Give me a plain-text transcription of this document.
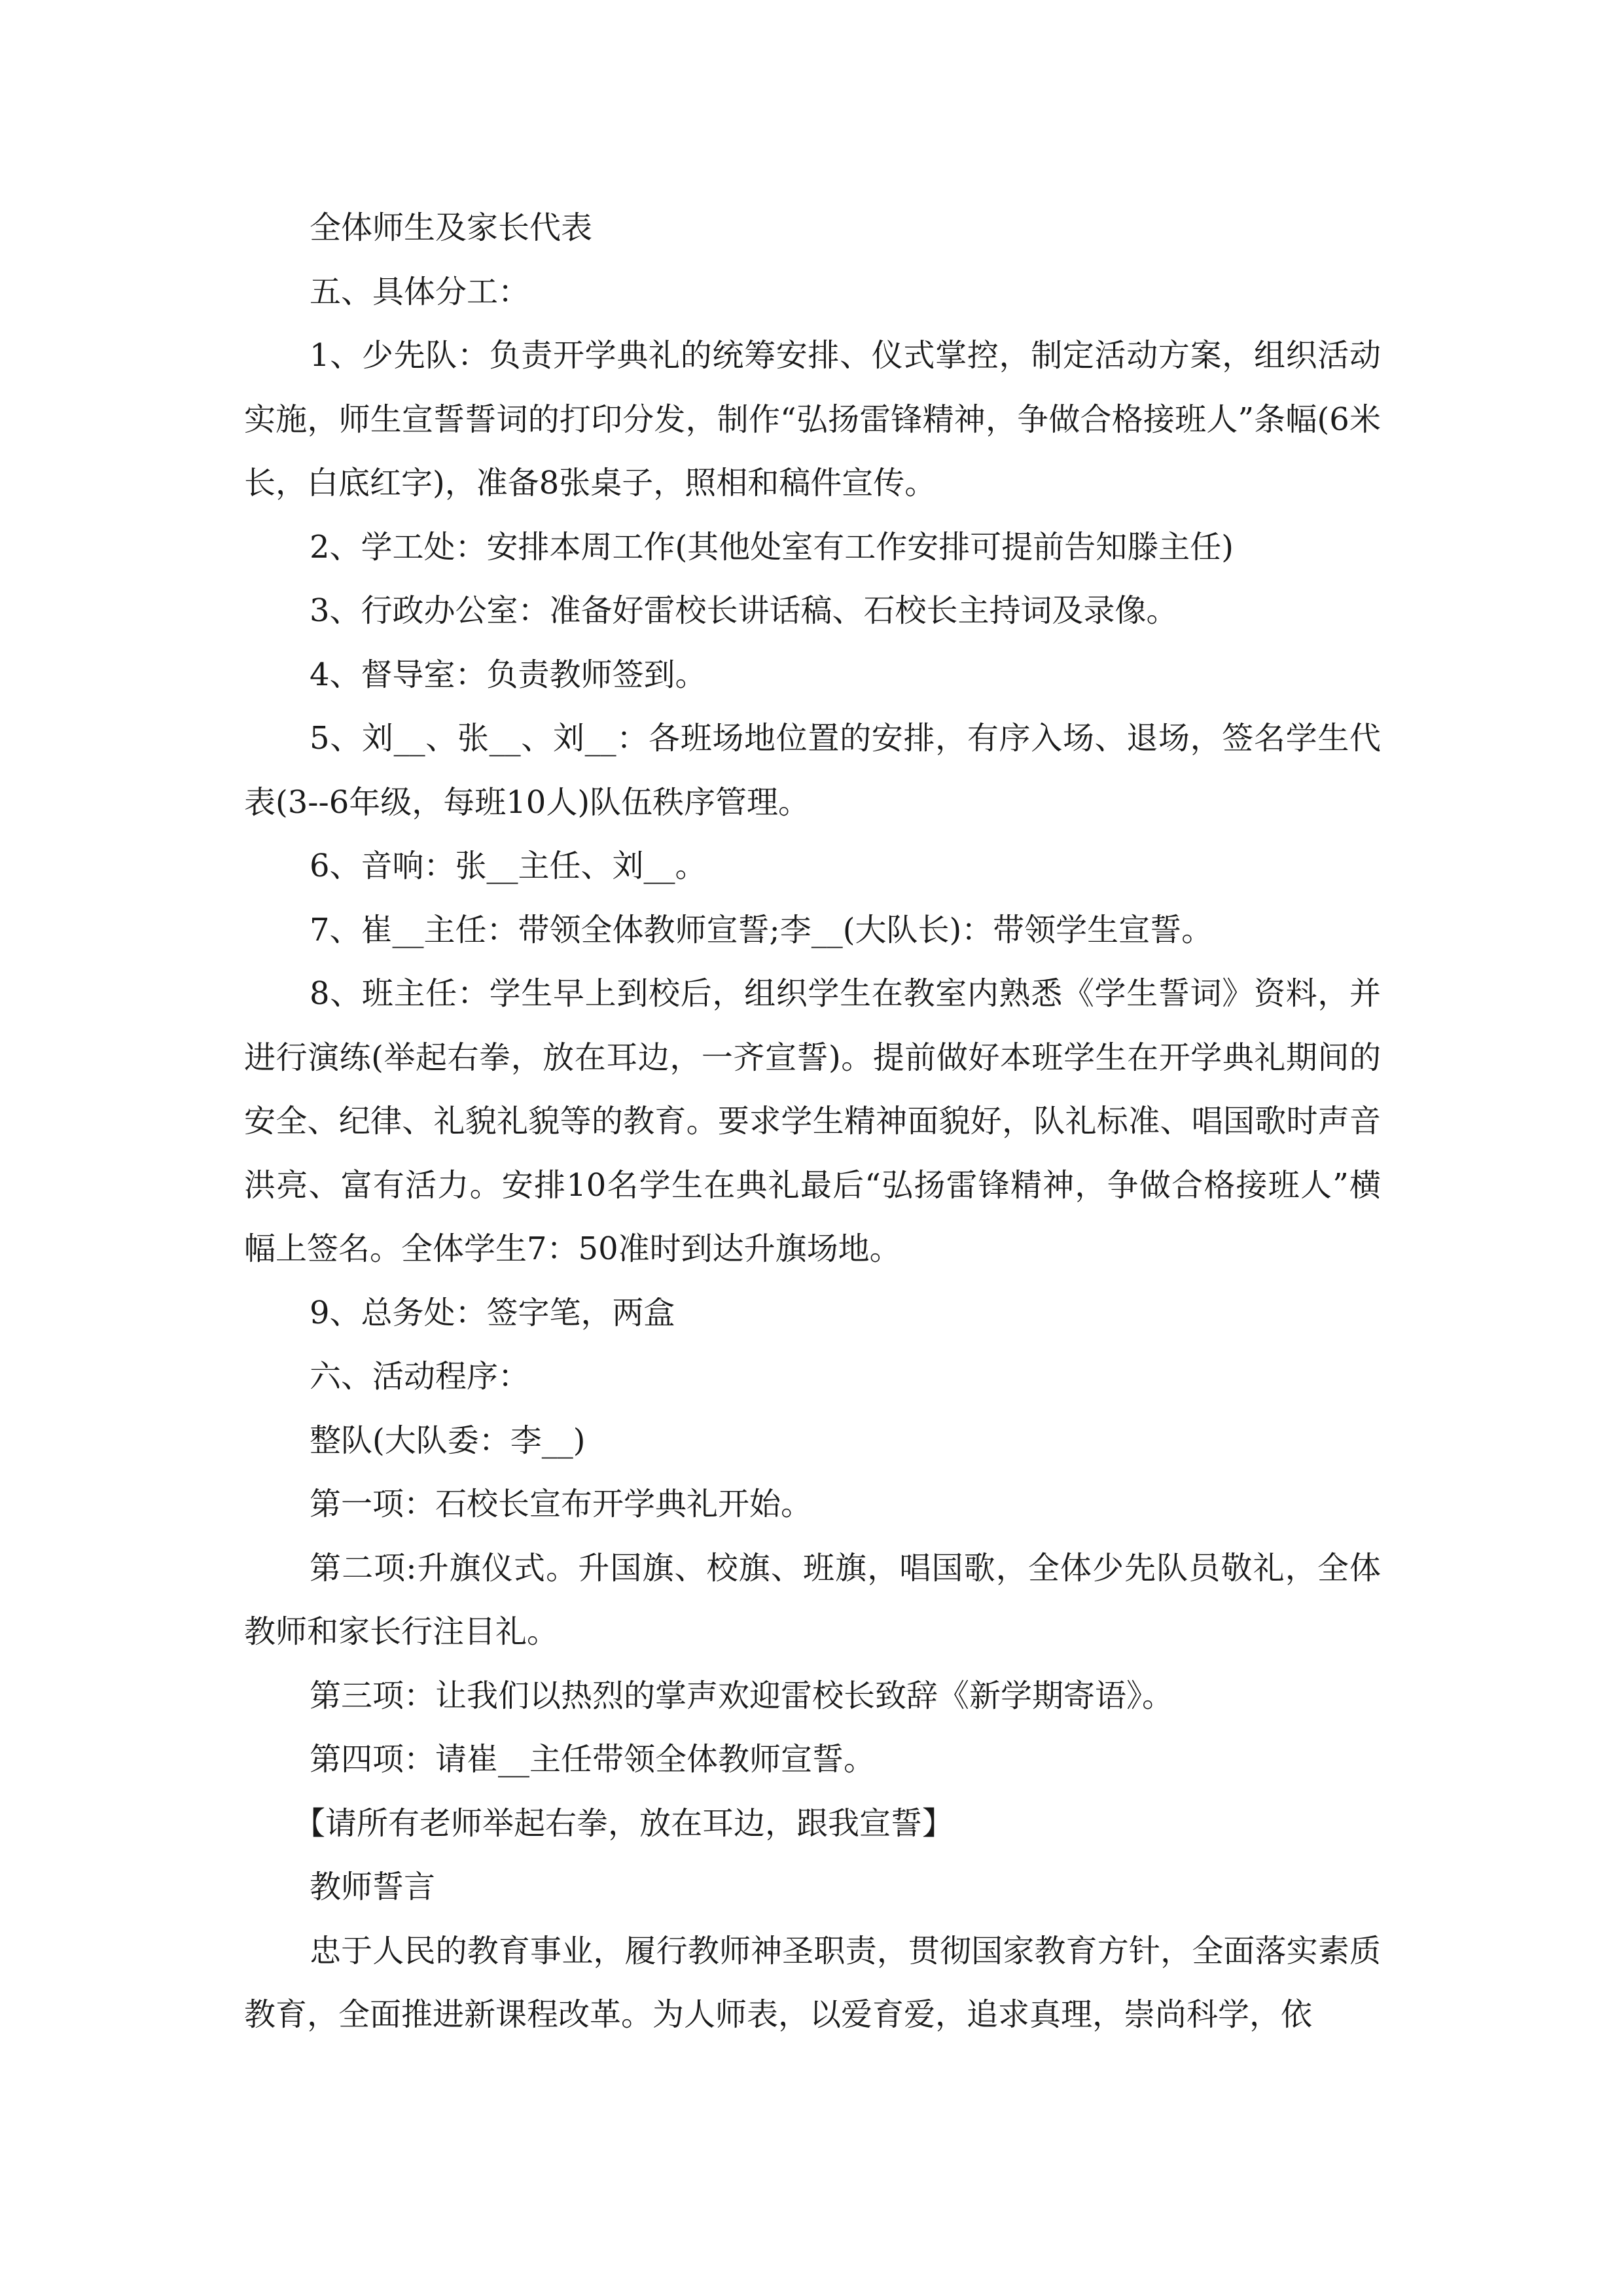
全体师生及家长代表

五、具体分工：

1、少先队：负责开学典礼的统筹安排、仪式掌控，制定活动方案，组织活动实施，师生宣誓誓词的打印分发，制作“弘扬雷锋精神，争做合格接班人”条幅(6米长，白底红字)，准备8张桌子，照相和稿件宣传。

2、学工处：安排本周工作(其他处室有工作安排可提前告知滕主任)

3、行政办公室：准备好雷校长讲话稿、石校长主持词及录像。

4、督导室：负责教师签到。

5、刘__、张__、刘__：各班场地位置的安排，有序入场、退场，签名学生代表(3--6年级，每班10人)队伍秩序管理。

6、音响：张__主任、刘__。

7、崔__主任：带领全体教师宣誓;李__(大队长)：带领学生宣誓。

8、班主任：学生早上到校后，组织学生在教室内熟悉《学生誓词》资料，并进行演练(举起右拳，放在耳边，一齐宣誓)。提前做好本班学生在开学典礼期间的安全、纪律、礼貌礼貌等的教育。要求学生精神面貌好，队礼标准、唱国歌时声音洪亮、富有活力。安排10名学生在典礼最后“弘扬雷锋精神，争做合格接班人”横幅上签名。全体学生7：50准时到达升旗场地。

9、总务处：签字笔，两盒

六、活动程序：

整队(大队委：李__)

第一项：石校长宣布开学典礼开始。

第二项:升旗仪式。升国旗、校旗、班旗，唱国歌，全体少先队员敬礼，全体教师和家长行注目礼。

第三项：让我们以热烈的掌声欢迎雷校长致辞《新学期寄语》。

第四项：请崔__主任带领全体教师宣誓。

【请所有老师举起右拳，放在耳边，跟我宣誓】

教师誓言

忠于人民的教育事业，履行教师神圣职责，贯彻国家教育方针，全面落实素质教育，全面推进新课程改革。为人师表，以爱育爱，追求真理，崇尚科学，依
